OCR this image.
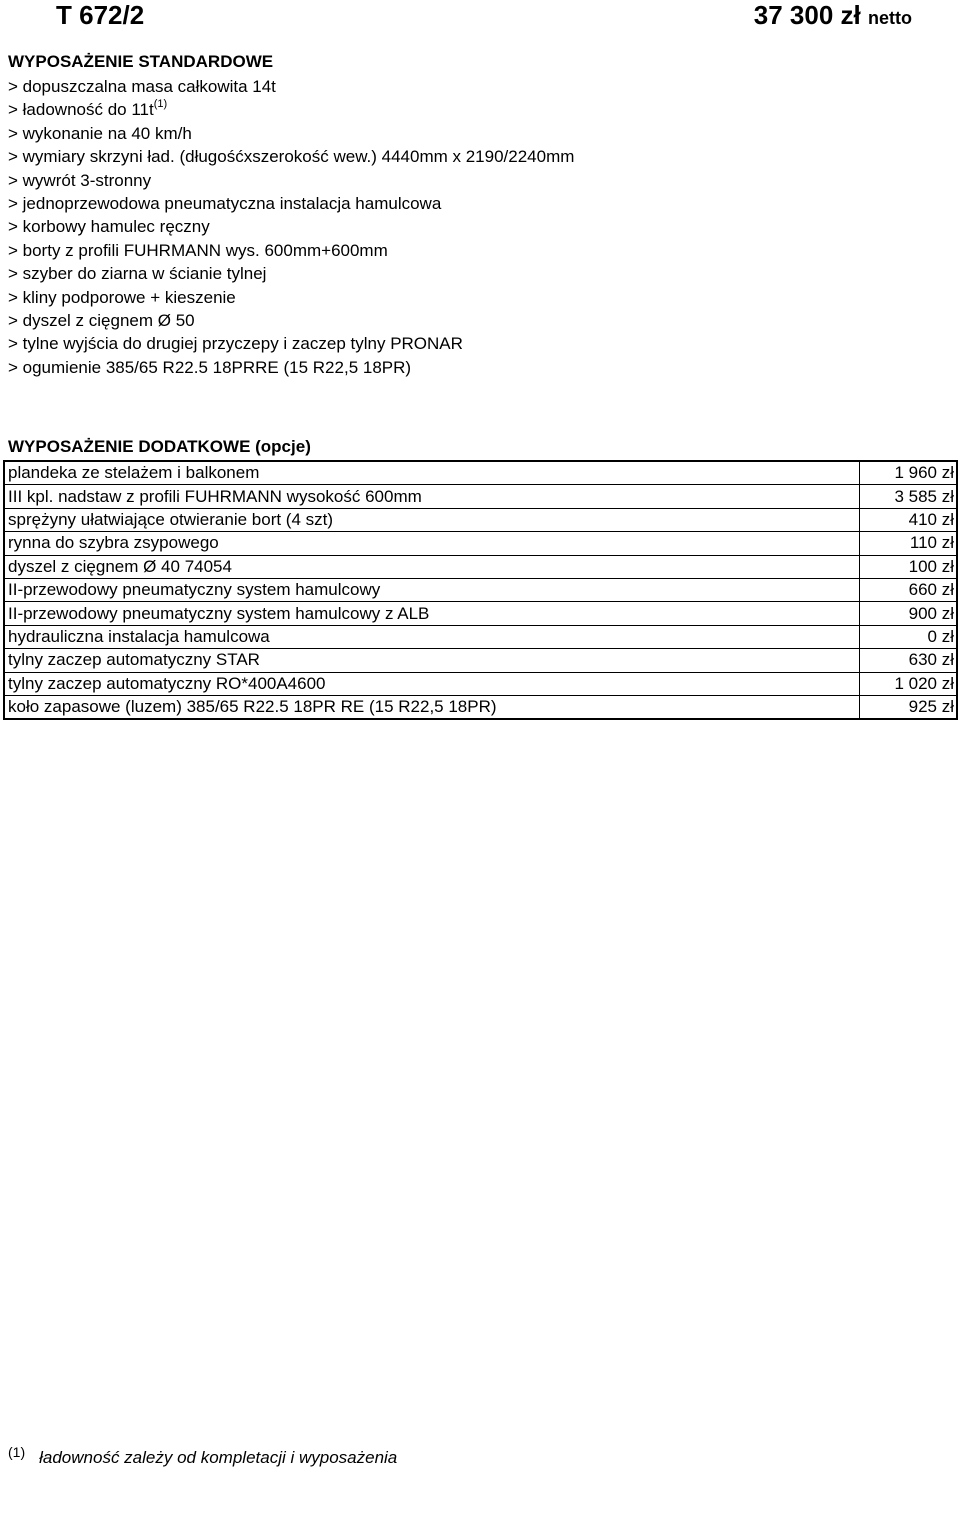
T 672/2	37 300 zł netto
WYPOSAŻENIE STANDARDOWE
> dopuszczalna masa całkowita 14t
> ładowność do $11t^{(1)}$
> wykonanie na 40 km/h
> wymiary skrzyni ład. (długośćxszerokość wew.) 4440mm x 2190/2240mm
> wywrót 3-stronny
> jednoprzewodowa pneumatyczna instalacja hamulcowa
> korbowy hamulec ręczny
> borty z profili FUHRMANN wys. 600mm+600mm
> szyber do ziarna w ścianie tylnej
> kliny podporowe + kieszenie
> dyszel z cięgnem Ø 50
> tylne wyjścia do drugiej przyczepy i zaczep tylny PRONAR
> ogumienie 385/65 R22.5 18PRRE (15 R22,5 18PR)
WYPOSAŻENIE DODATKOWE (opcje)
plandeka ze stelażem i balkonem	1 960 zł
III kpl. nadstaw z profili FUHRMANN wysokość 600mm	3 585 zł
sprężyny ułatwiające otwieranie bort (4 szt)	410 zł
rynna do szybra zsypowego	110 zł
dyszel z cięgnem Ø 40 74054	100 zł
II-przewodowy pneumatyczny system hamulcowy	660 zł
II-przewodowy pneumatyczny system hamulcowy z ALB	900 zł
hydrauliczna instalacja hamulcowa	0 zł
tylny zaczep automatyczny STAR	630 zł
tylny zaczep automatyczny RO*400A4600	1 020 zł
koło zapasowe (luzem) 385/65 R22.5 18PR RE (15 R22,5 18PR)	925 zł
$^{(1)}$ ładowność zależy od kompletacji i wyposażenia
